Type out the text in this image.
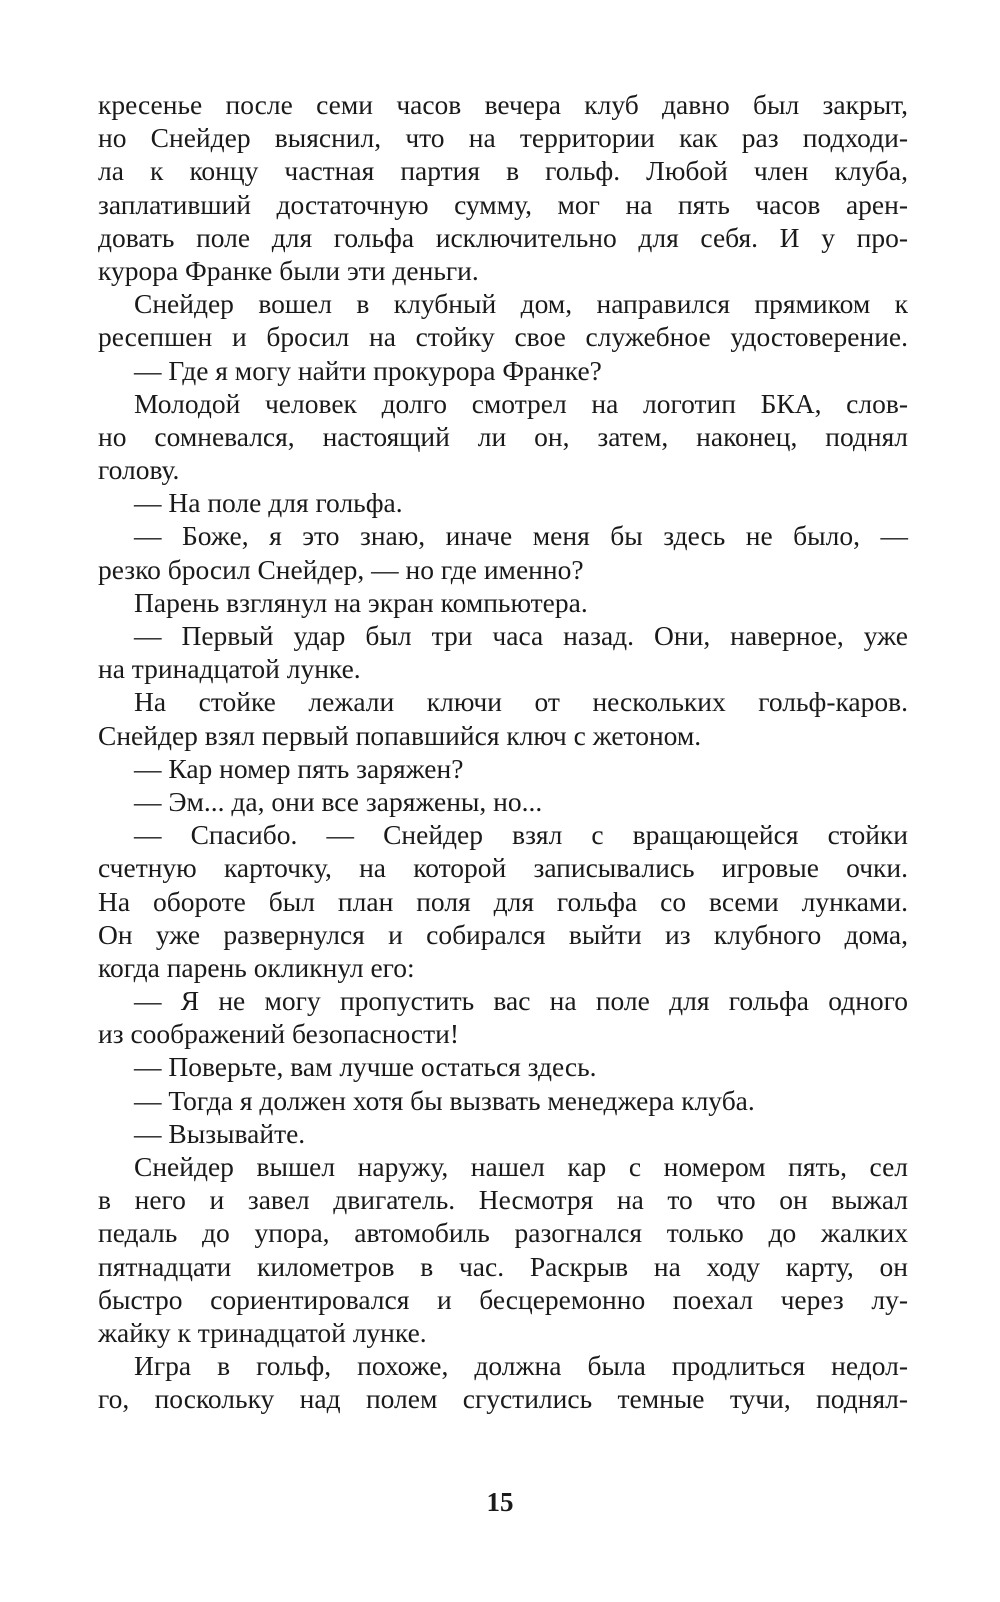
кресенье после семи часов вечера клуб давно был закрыт,
но Снейдер выяснил, что на территории как раз подходи-
ла к концу частная партия в гольф. Любой член клуба,
заплативший достаточную сумму, мог на пять часов арен-
довать поле для гольфа исключительно для себя. И у про-
курора Франке были эти деньги.
Снейдер вошел в клубный дом, направился прямиком к
ресепшен и бросил на стойку свое служебное удостоверение.
— Где я могу найти прокурора Франке?
Молодой человек долго смотрел на логотип БКА, слов-
но сомневался, настоящий ли он, затем, наконец, поднял
голову.
— На поле для гольфа.
— Боже, я это знаю, иначе меня бы здесь не было, —
резко бросил Снейдер, — но где именно?
Парень взглянул на экран компьютера.
— Первый удар был три часа назад. Они, наверное, уже
на тринадцатой лунке.
На стойке лежали ключи от нескольких гольф-каров.
Снейдер взял первый попавшийся ключ с жетоном.
— Кар номер пять заряжен?
— Эм... да, они все заряжены, но...
— Спасибо. — Снейдер взял с вращающейся стойки
счетную карточку, на которой записывались игровые очки.
На обороте был план поля для гольфа со всеми лунками.
Он уже развернулся и собирался выйти из клубного дома,
когда парень окликнул его:
— Я не могу пропустить вас на поле для гольфа одного
из соображений безопасности!
— Поверьте, вам лучше остаться здесь.
— Тогда я должен хотя бы вызвать менеджера клуба.
— Вызывайте.
Снейдер вышел наружу, нашел кар с номером пять, сел
в него и завел двигатель. Несмотря на то что он выжал
педаль до упора, автомобиль разогнался только до жалких
пятнадцати километров в час. Раскрыв на ходу карту, он
быстро сориентировался и бесцеремонно поехал через лу-
жайку к тринадцатой лунке.
Игра в гольф, похоже, должна была продлиться недол-
го, поскольку над полем сгустились темные тучи, поднял-
15
